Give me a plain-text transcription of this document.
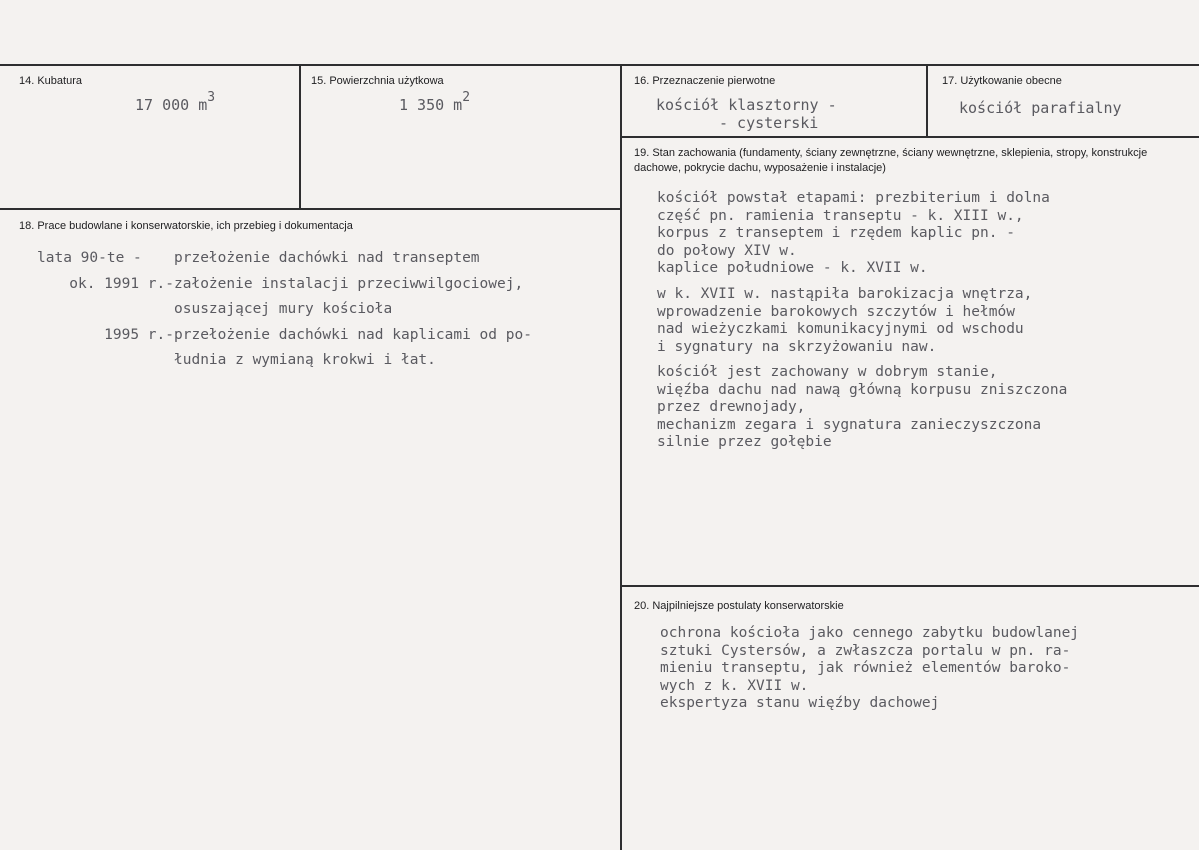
14. Kubatura
17 000 $m^3$
15. Powierzchnia użytkowa
1 350 $m^2$
16. Przeznaczenie pierwotne
kościół klasztorny -
- cysterski
17. Użytkowanie obecne
kościół parafialny
19. Stan zachowania (fundamenty, ściany zewnętrzne, ściany wewnętrzne, sklepienia, stropy, konstrukcje dachowe, pokrycie dachu, wyposażenie i instalacje)
kościół powstał etapami: prezbiterium i dolna
część pn. ramienia transeptu - k. XIII w.,
korpus z transeptem i rzędem kaplic pn. -
do połowy XIV w.
kaplice południowe - k. XVII w.
w k. XVII w. nastąpiła barokizacja wnętrza,
wprowadzenie barokowych szczytów i hełmów
nad wieżyczkami komunikacyjnymi od wschodu
i sygnatury na skrzyżowaniu naw.
kościół jest zachowany w dobrym stanie,
więźba dachu nad nawą główną korpusu zniszczona
przez drewnojady,
mechanizm zegara i sygnatura zanieczyszczona
silnie przez gołębie
18. Prace budowlane i konserwatorskie, ich przebieg i dokumentacja
lata 90-te - przełożenie dachówki nad transeptem
ok. 1991 r.-założenie instalacji przeciwwilgociowej,
osuszającej mury kościoła
1995 r.-przełożenie dachówki nad kaplicami od po-
łudnia z wymianą krokwi i łat.
20. Najpilniejsze postulaty konserwatorskie
ochrona kościoła jako cennego zabytku budowlanej
sztuki Cystersów, a zwłaszcza portalu w pn. ra-
mieniu transeptu, jak również elementów baroko-
wych z k. XVII w.
ekspertyza stanu więźby dachowej
